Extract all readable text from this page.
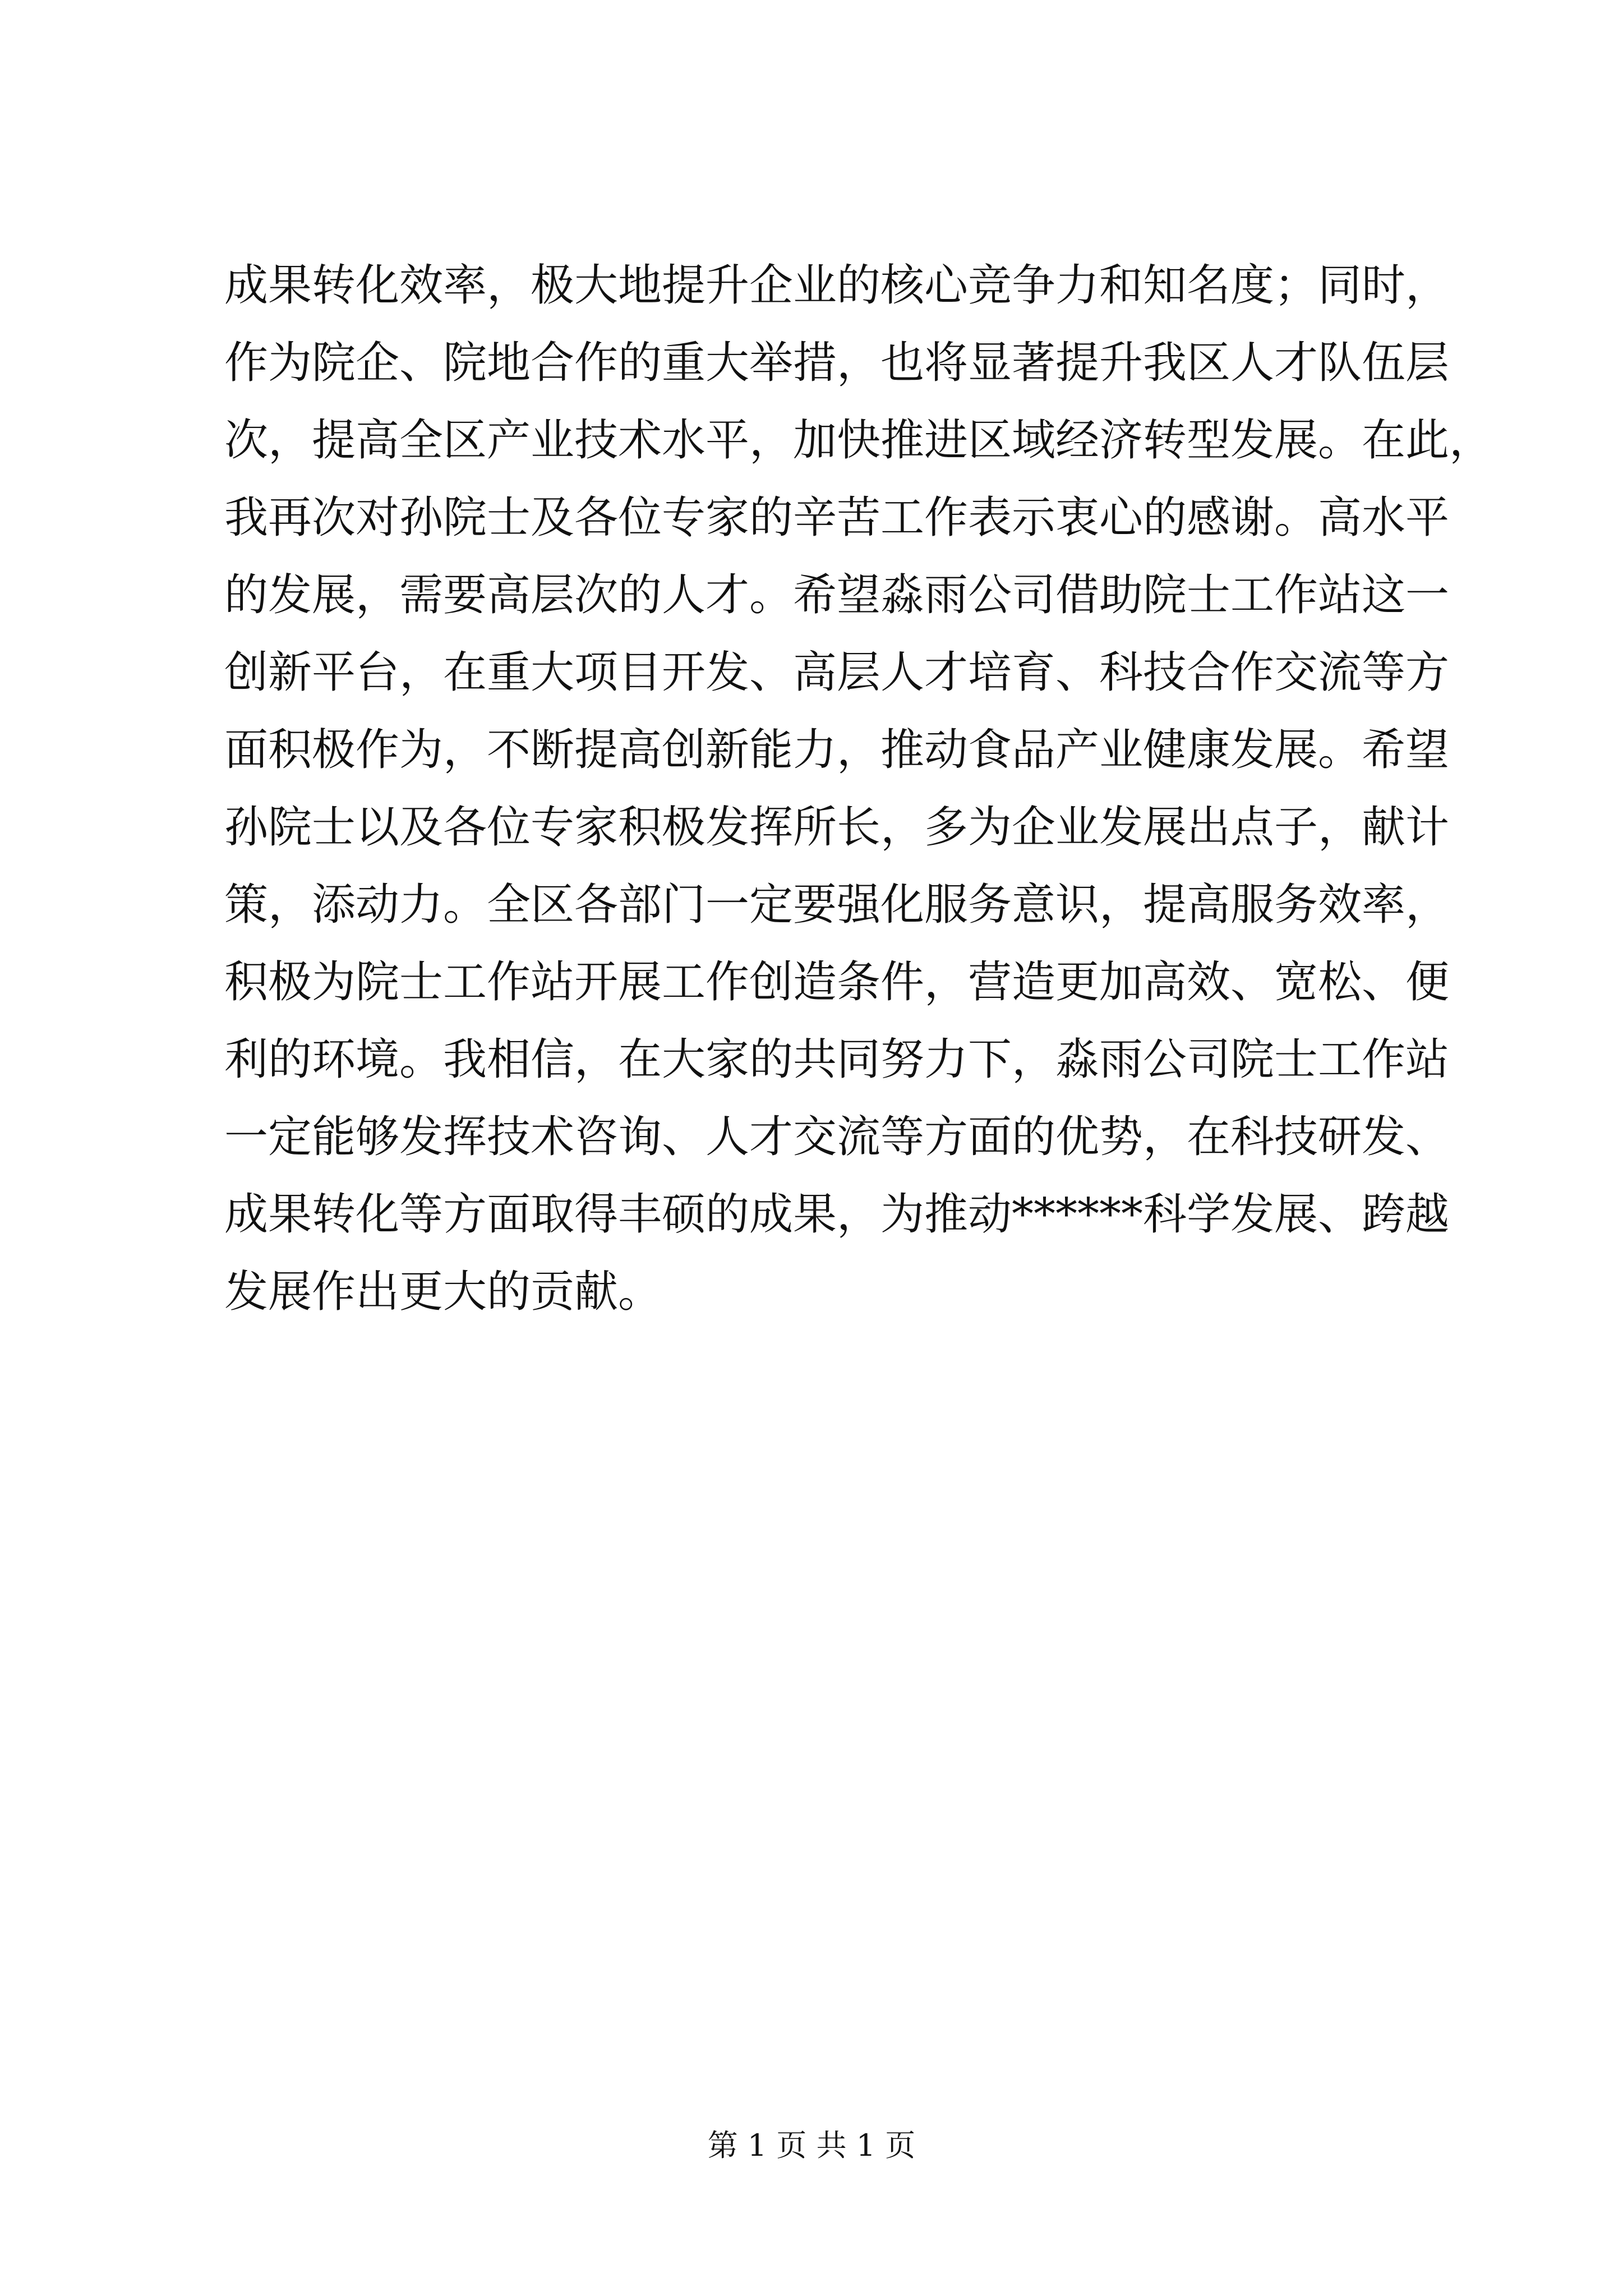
成果转化效率，极大地提升企业的核心竞争力和知名度；同时，
作为院企、院地合作的重大举措，也将显著提升我区人才队伍层
次，提高全区产业技术水平，加快推进区域经济转型发展。在此，
我再次对孙院士及各位专家的辛苦工作表示衷心的感谢。高水平
的发展，需要高层次的人才。希望淼雨公司借助院士工作站这一
创新平台，在重大项目开发、高层人才培育、科技合作交流等方
面积极作为，不断提高创新能力，推动食品产业健康发展。希望
孙院士以及各位专家积极发挥所长，多为企业发展出点子，献计
策，添动力。全区各部门一定要强化服务意识，提高服务效率，
积极为院士工作站开展工作创造条件，营造更加高效、宽松、便
利的环境。我相信，在大家的共同努力下，淼雨公司院士工作站
一定能够发挥技术咨询、人才交流等方面的优势，在科技研发、
成果转化等方面取得丰硕的成果，为推动******科学发展、跨越
发展作出更大的贡献。
第 1 页 共 1 页
